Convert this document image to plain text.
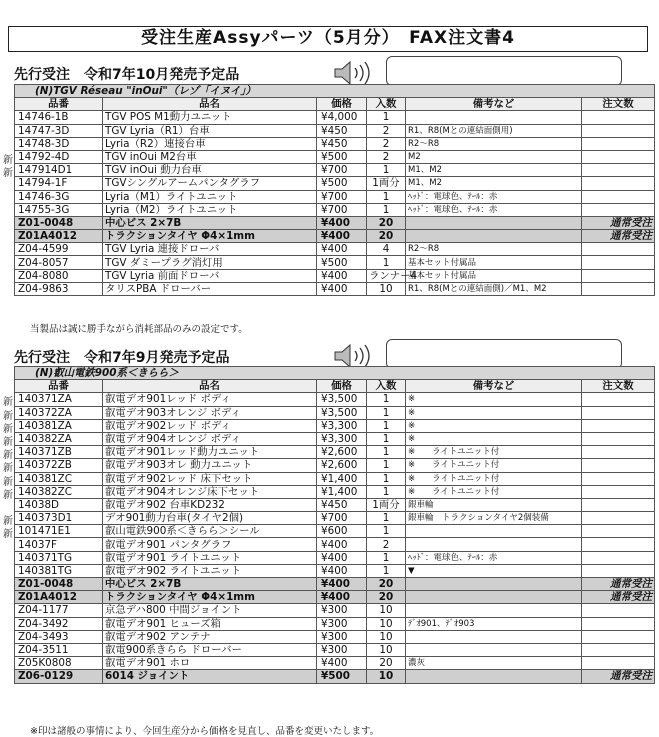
受注生産Assyパーツ（5月分）　FAX注文書4
先行受注　令和7年10月発売予定品
(N)TGV Réseau "inOui"（レゾ「イヌイ」）					
品番	品名	価格	入数	備考など	注文数
14746-1B	TGV POS M1動力ユニット	¥4,000	1		
14747-3D	TGV Lyria（R1）台車	¥450	2	R1、R8(Mとの連結面側用)	
14748-3D	Lyria（R2）連接台車	¥450	2	R2～R8	
14792-4D	TGV inOui M2台車	¥500	2	M2	
147914D1	TGV inOui 動力台車	¥700	1	M1、M2	
14794-1F	TGVシングルアームパンタグラフ	¥500	1両分	M1、M2	
14746-3G	Lyria（M1）ライトユニット	¥700	1	ﾍｯﾄﾞ：電球色、ﾃｰﾙ：赤	
14755-3G	Lyria（M2）ライトユニット	¥700	1	ﾍｯﾄﾞ：電球色、ﾃｰﾙ：赤	
Z01-0048	中心ビス 2×7B	¥400	20		通常受注
Z01A4012	トラクションタイヤ Φ4×1mm	¥400	20		通常受注
Z04-4599	TGV Lyria 連接ドローバ	¥400	4	R2～R8	
Z04-8057	TGV ダミープラグ消灯用	¥500	1	基本セット付属品	
Z04-8080	TGV Lyria 前面ドローバ	¥400	ランナー4	基本セット付属品	
Z04-9863	タリスPBA ドローバー	¥400	10	R1、R8(Mとの連結面側)／M1、M2	
当製品は誠に勝手ながら消耗部品のみの設定です。
先行受注　令和7年9月発売予定品
(N)叡山電鉄900系＜きらら＞					
品番	品名	価格	入数	備考など	注文数
140371ZA	叡電デオ901レッド ボディ	¥3,500	1	※	
140372ZA	叡電デオ903オレンジ ボディ	¥3,500	1	※	
140381ZA	叡電デオ902レッド ボディ	¥3,300	1	※	
140382ZA	叡電デオ904オレンジ ボディ	¥3,300	1	※	
140371ZB	叡電デオ901レッド動力ユニット	¥2,600	1	※　　ライトユニット付	
140372ZB	叡電デオ903オレ 動力ユニット	¥2,600	1	※　　ライトユニット付	
140381ZC	叡電デオ902レッド 床下セット	¥1,400	1	※　　ライトユニット付	
140382ZC	叡電デオ904オレンジ床下セット	¥1,400	1	※　　ライトユニット付	
14038D	叡電デオ902 台車KD232	¥450	1両分	銀車輪	
140373D1	デオ901動力台車(タイヤ2個)	¥700	1	銀車輪　トラクションタイヤ2個装備	
101471E1	叡山電鉄900系＜きらら＞シール	¥600	1		
14037F	叡電デオ901 パンタグラフ	¥400	2		
140371TG	叡電デオ901 ライトユニット	¥400	1	ﾍｯﾄﾞ：電球色、ﾃｰﾙ：赤	
140381TG	叡電デオ902 ライトユニット	¥400	1	▼	
Z01-0048	中心ビス 2×7B	¥400	20		通常受注
Z01A4012	トラクションタイヤ Φ4×1mm	¥400	20		通常受注
Z04-1177	京急デハ800 中間ジョイント	¥300	10		
Z04-3492	叡電デオ901 ヒューズ箱	¥300	10	ﾃﾞｵ901、ﾃﾞｵ903	
Z04-3493	叡電デオ902 アンテナ	¥300	10		
Z04-3511	叡電900系きらら ドローバー	¥300	10		
Z05K0808	叡電デオ901 ホロ	¥400	20	濃灰	
Z06-0129	6014 ジョイント	¥500	10		通常受注
※印は諸般の事情により、今回生産分から価格を見直し、品番を変更いたします。
新
新
新
新
新
新
新
新
新
新
新
新
